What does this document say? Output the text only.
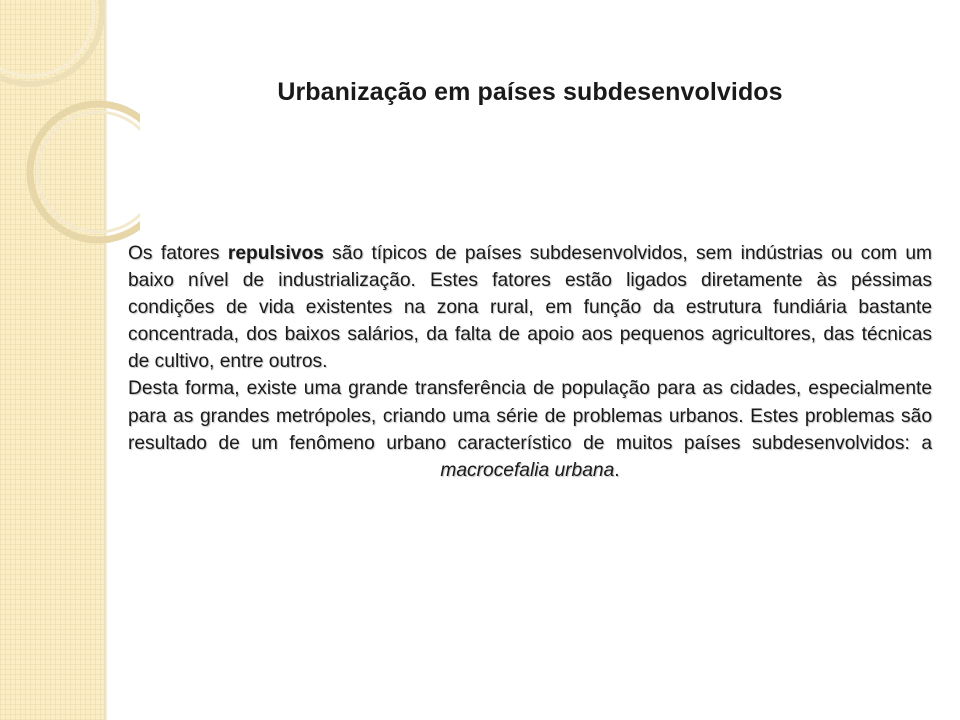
Urbanização em países subdesenvolvidos

Os fatores repulsivos são típicos de países subdesenvolvidos, sem indústrias ou com um baixo nível de industrialização. Estes fatores estão ligados diretamente às péssimas condições de vida existentes na zona rural, em função da estrutura fundiária bastante concentrada, dos baixos salários, da falta de apoio aos pequenos agricultores, das técnicas de cultivo, entre outros.

Desta forma, existe uma grande transferência de população para as cidades, especialmente para as grandes metrópoles, criando uma série de problemas urbanos. Estes problemas são resultado de um fenômeno urbano característico de muitos países subdesenvolvidos: a macrocefalia urbana.
